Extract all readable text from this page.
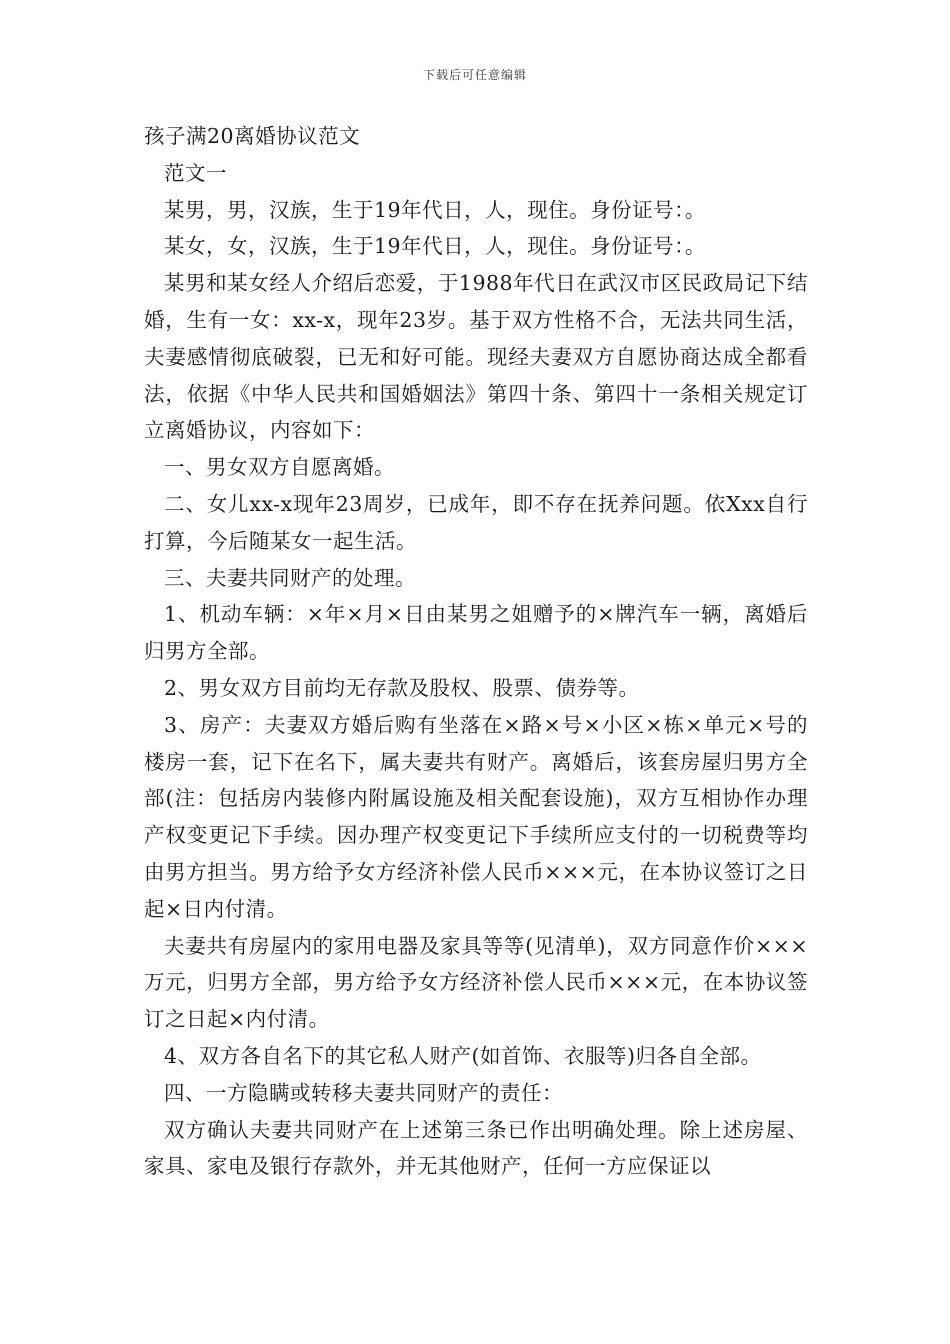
下载后可任意编辑
孩子满20离婚协议范文

范文一

某男，男，汉族，生于19年代日，人，现住。身份证号：。

某女，女，汉族，生于19年代日，人，现住。身份证号：。

某男和某女经人介绍后恋爱，于1988年代日在武汉市区民政局记下结婚，生有一女：xx-x，现年23岁。基于双方性格不合，无法共同生活，夫妻感情彻底破裂，已无和好可能。现经夫妻双方自愿协商达成全都看法，依据《中华人民共和国婚姻法》第四十条、第四十一条相关规定订立离婚协议，内容如下：

一、男女双方自愿离婚。

二、女儿xx-x现年23周岁，已成年，即不存在抚养问题。依Xxx自行打算，今后随某女一起生活。

三、夫妻共同财产的处理。

1、机动车辆：×年×月×日由某男之姐赠予的×牌汽车一辆，离婚后归男方全部。

2、男女双方目前均无存款及股权、股票、债券等。

3、房产：夫妻双方婚后购有坐落在×路×号×小区×栋×单元×号的楼房一套，记下在名下，属夫妻共有财产。离婚后，该套房屋归男方全部(注：包括房内装修内附属设施及相关配套设施)，双方互相协作办理产权变更记下手续。因办理产权变更记下手续所应支付的一切税费等均由男方担当。男方给予女方经济补偿人民币×××元，在本协议签订之日起×日内付清。

夫妻共有房屋内的家用电器及家具等等(见清单)，双方同意作价×××万元，归男方全部，男方给予女方经济补偿人民币×××元，在本协议签订之日起×内付清。

4、双方各自名下的其它私人财产(如首饰、衣服等)归各自全部。

四、一方隐瞒或转移夫妻共同财产的责任：

双方确认夫妻共同财产在上述第三条已作出明确处理。除上述房屋、家具、家电及银行存款外，并无其他财产，任何一方应保证以
